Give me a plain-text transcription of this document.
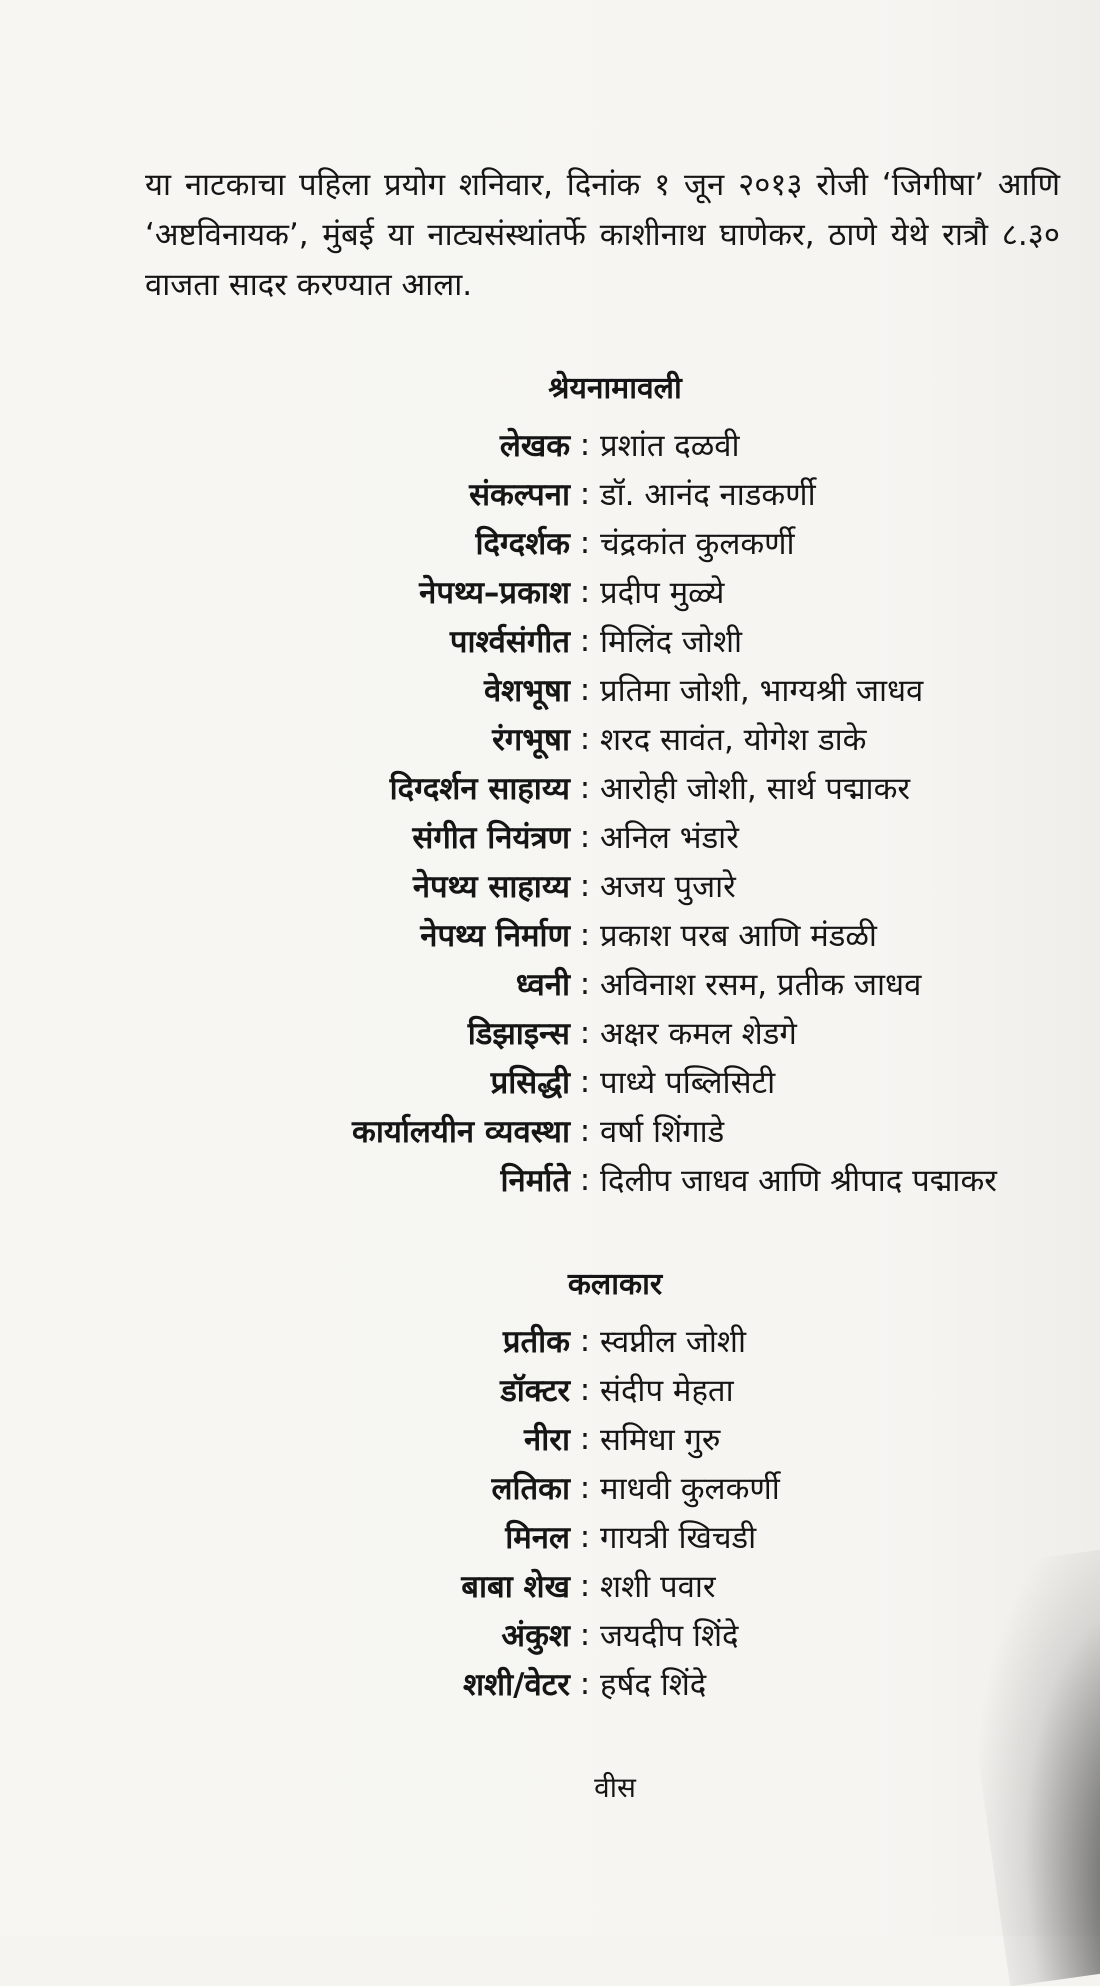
या नाटकाचा पहिला प्रयोग शनिवार, दिनांक १ जून २०१३ रोजी ‘जिगीषा’ आणि ‘अष्टविनायक’, मुंबई या नाट्यसंस्थांतर्फे काशीनाथ घाणेकर, ठाणे येथे रात्रौ ८.३० वाजता सादर करण्यात आला.

श्रेयनामावली
लेखक : प्रशांत दळवी
संकल्पना : डॉ. आनंद नाडकर्णी
दिग्दर्शक : चंद्रकांत कुलकर्णी
नेपथ्य–प्रकाश : प्रदीप मुळ्ये
पार्श्वसंगीत : मिलिंद जोशी
वेशभूषा : प्रतिमा जोशी, भाग्यश्री जाधव
रंगभूषा : शरद सावंत, योगेश डाके
दिग्दर्शन साहाय्य : आरोही जोशी, सार्थ पद्माकर
संगीत नियंत्रण : अनिल भंडारे
नेपथ्य साहाय्य : अजय पुजारे
नेपथ्य निर्माण : प्रकाश परब आणि मंडळी
ध्वनी : अविनाश रसम, प्रतीक जाधव
डिझाइन्स : अक्षर कमल शेडगे
प्रसिद्धी : पाध्ये पब्लिसिटी
कार्यालयीन व्यवस्था : वर्षा शिंगाडे
निर्माते : दिलीप जाधव आणि श्रीपाद पद्माकर
कलाकार
प्रतीक : स्वप्नील जोशी
डॉक्टर : संदीप मेहता
नीरा : समिधा गुरु
लतिका : माधवी कुलकर्णी
मिनल : गायत्री खिचडी
बाबा शेख : शशी पवार
अंकुश : जयदीप शिंदे
शशी/वेटर : हर्षद शिंदे
वीस
